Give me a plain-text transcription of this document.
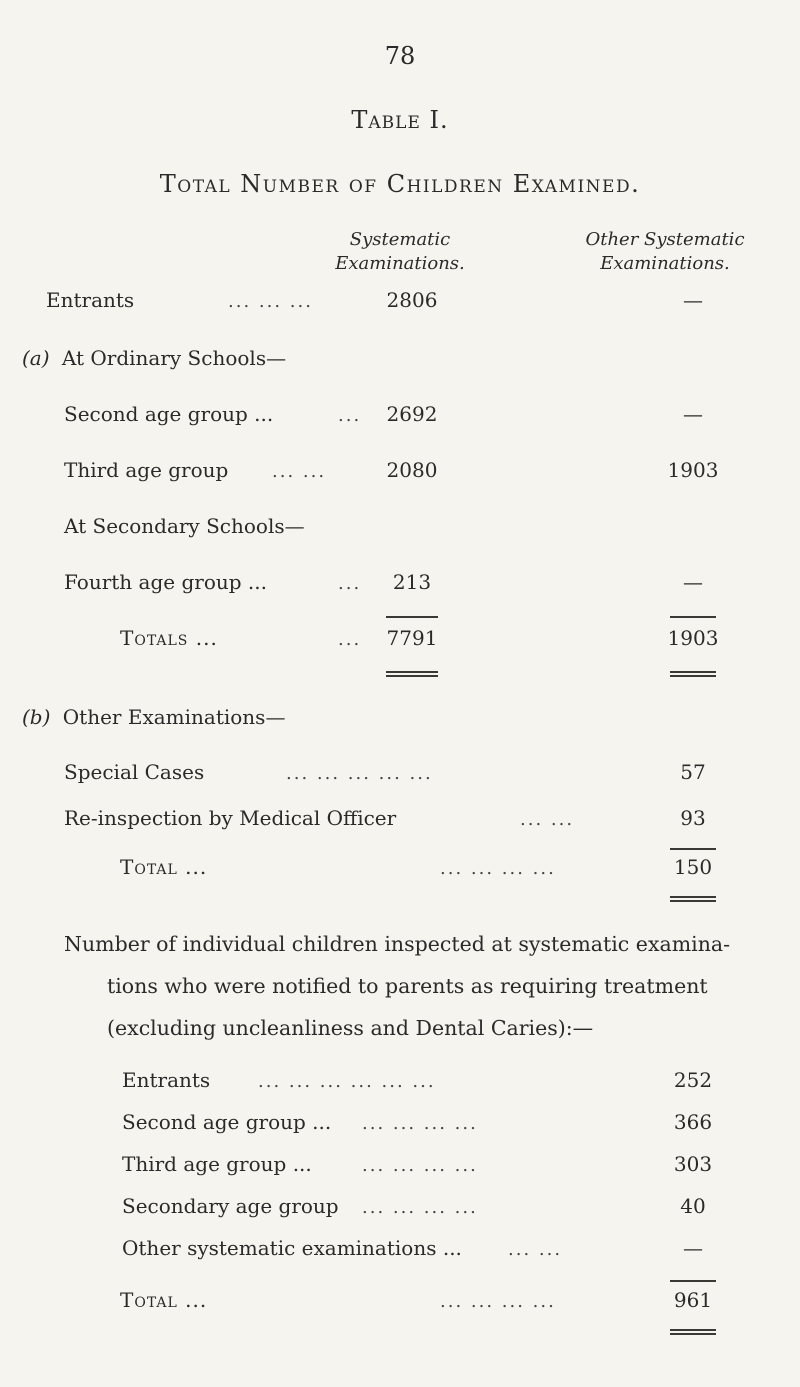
78
Table I.
Total Number of Children Examined.
Systematic
Examinations.
Other Systematic
Examinations.
Entrants	... ... ...	2806	—
(a) At Ordinary Schools—
Second age group ...	...	2692	—
Third age group ... ...	2080	1903
At Secondary Schools—
Fourth age group ...	...	213	—
Totals ...	...	7791	1903
(b) Other Examinations—
Special Cases	... ... ... ... ...	57
Re-inspection by Medical Officer	... ...	93
Total ...	... ... ... ...	150
Number of individual children inspected at systematic examina-
tions who were notified to parents as requiring treatment
(excluding uncleanliness and Dental Caries):—
Entrants	... ... ... ... ... ...	252
Second age group ... ... ... ... ...	366
Third age group ...	... ... ... ...	303
Secondary age group ... ... ... ...	40
Other systematic examinations ...	... ...	—
Total ...	... ... ... ...	961
